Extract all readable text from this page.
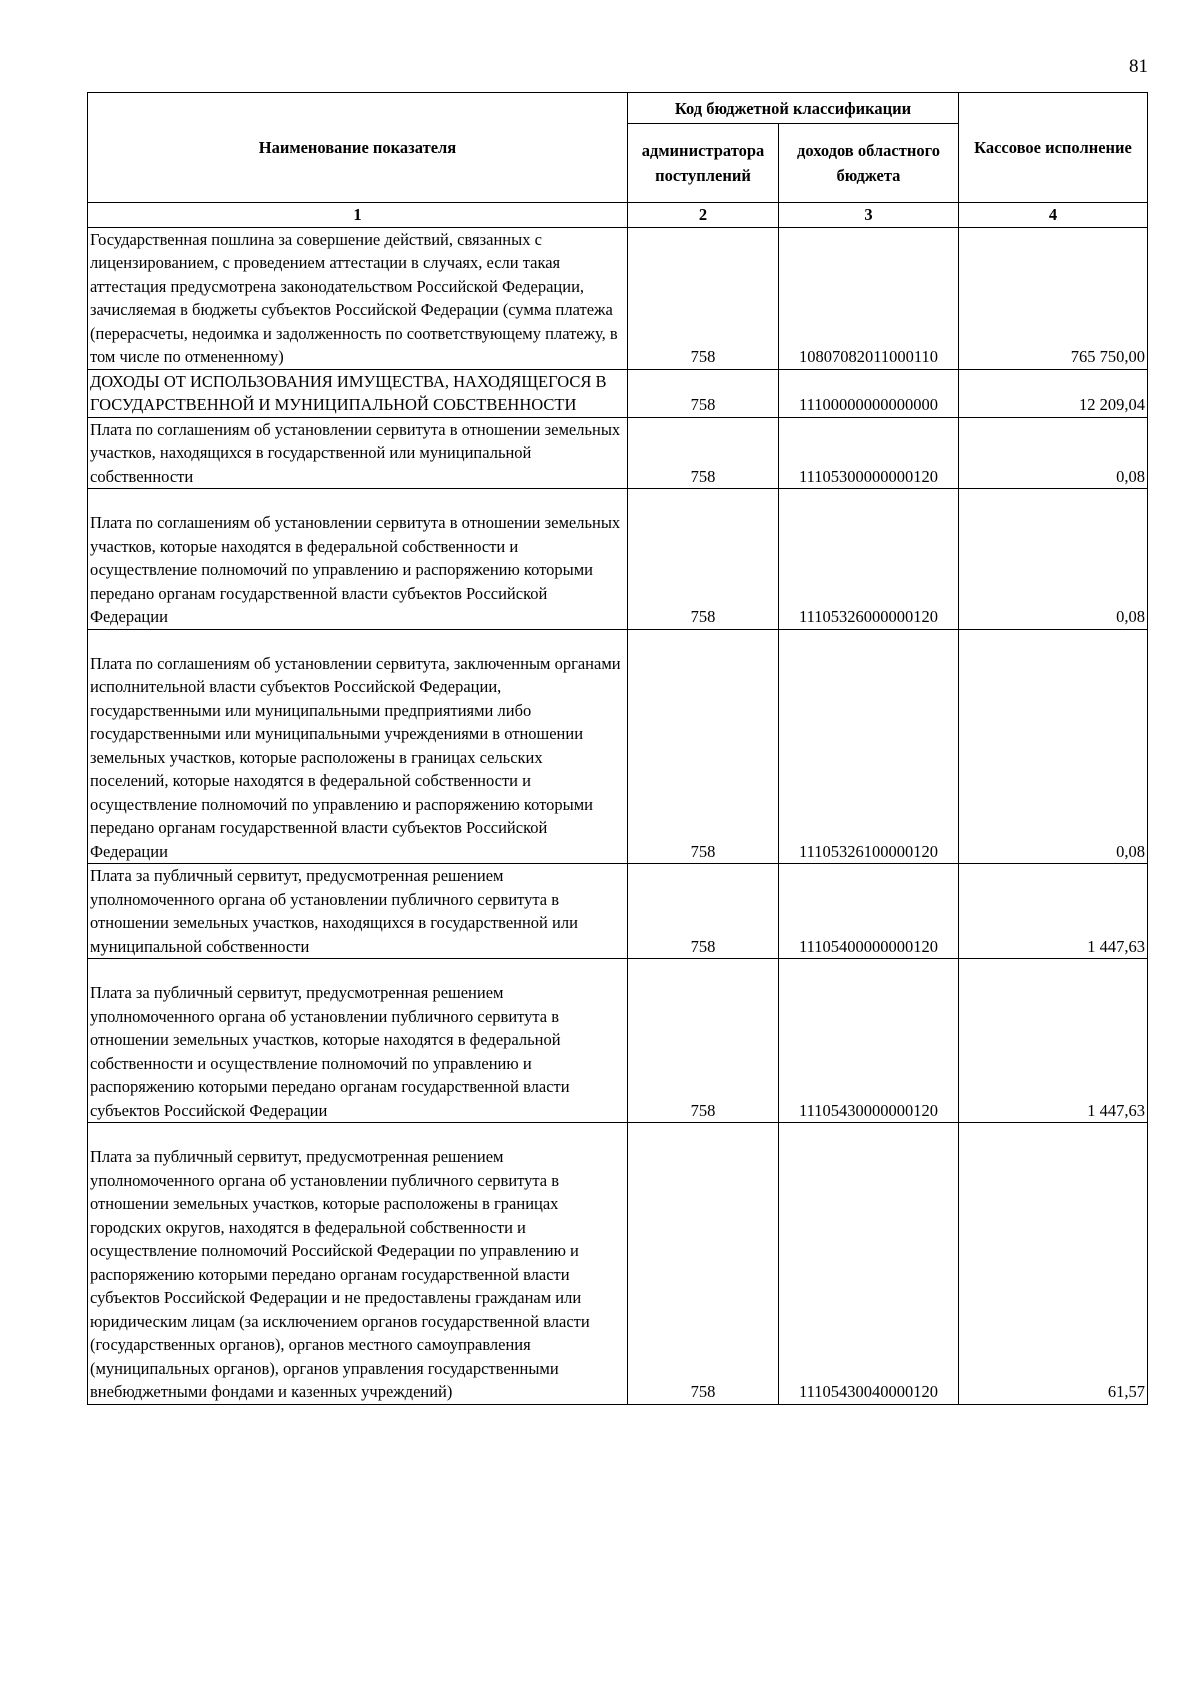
81
Наименование показателя	Код бюджетной классификации		Кассовое исполнение
	администратора поступлений	доходов областного бюджета	
1	2	3	4
Государственная пошлина за совершение действий, связанных с лицензированием, с проведением аттестации в случаях, если такая аттестация предусмотрена законодательством Российской Федерации, зачисляемая в бюджеты субъектов Российской Федерации (сумма платежа (перерасчеты, недоимка и задолженность по соответствующему платежу, в том числе по отмененному)	758	10807082011000110	765 750,00
ДОХОДЫ ОТ ИСПОЛЬЗОВАНИЯ ИМУЩЕСТВА, НАХОДЯЩЕГОСЯ В ГОСУДАРСТВЕННОЙ И МУНИЦИПАЛЬНОЙ СОБСТВЕННОСТИ	758	11100000000000000	12 209,04
Плата по соглашениям об установлении сервитута в отношении земельных участков, находящихся в государственной или муниципальной собственности	758	11105300000000120	0,08
Плата по соглашениям об установлении сервитута в отношении земельных участков, которые находятся в федеральной собственности и осуществление полномочий по управлению и распоряжению которыми передано органам государственной власти субъектов Российской Федерации	758	11105326000000120	0,08
Плата по соглашениям об установлении сервитута, заключенным органами исполнительной власти субъектов Российской Федерации, государственными или муниципальными предприятиями либо государственными или муниципальными учреждениями в отношении земельных участков, которые расположены в границах сельских поселений, которые находятся в федеральной собственности и осуществление полномочий по управлению и распоряжению которыми передано органам государственной власти субъектов Российской Федерации	758	11105326100000120	0,08
Плата за публичный сервитут, предусмотренная решением уполномоченного органа об установлении публичного сервитута в отношении земельных участков, находящихся в государственной или муниципальной собственности	758	11105400000000120	1 447,63
Плата за публичный сервитут, предусмотренная решением уполномоченного органа об установлении публичного сервитута в отношении земельных участков, которые находятся в федеральной собственности и осуществление полномочий по управлению и распоряжению которыми передано органам государственной власти субъектов Российской Федерации	758	11105430000000120	1 447,63
Плата за публичный сервитут, предусмотренная решением уполномоченного органа об установлении публичного сервитута в отношении земельных участков, которые расположены в границах городских округов, находятся в федеральной собственности и осуществление полномочий Российской Федерации по управлению и распоряжению которыми передано органам государственной власти субъектов Российской Федерации и не предоставлены гражданам или юридическим лицам (за исключением органов государственной власти (государственных органов), органов местного самоуправления (муниципальных органов), органов управления государственными внебюджетными фондами и казенных учреждений)	758	11105430040000120	61,57
